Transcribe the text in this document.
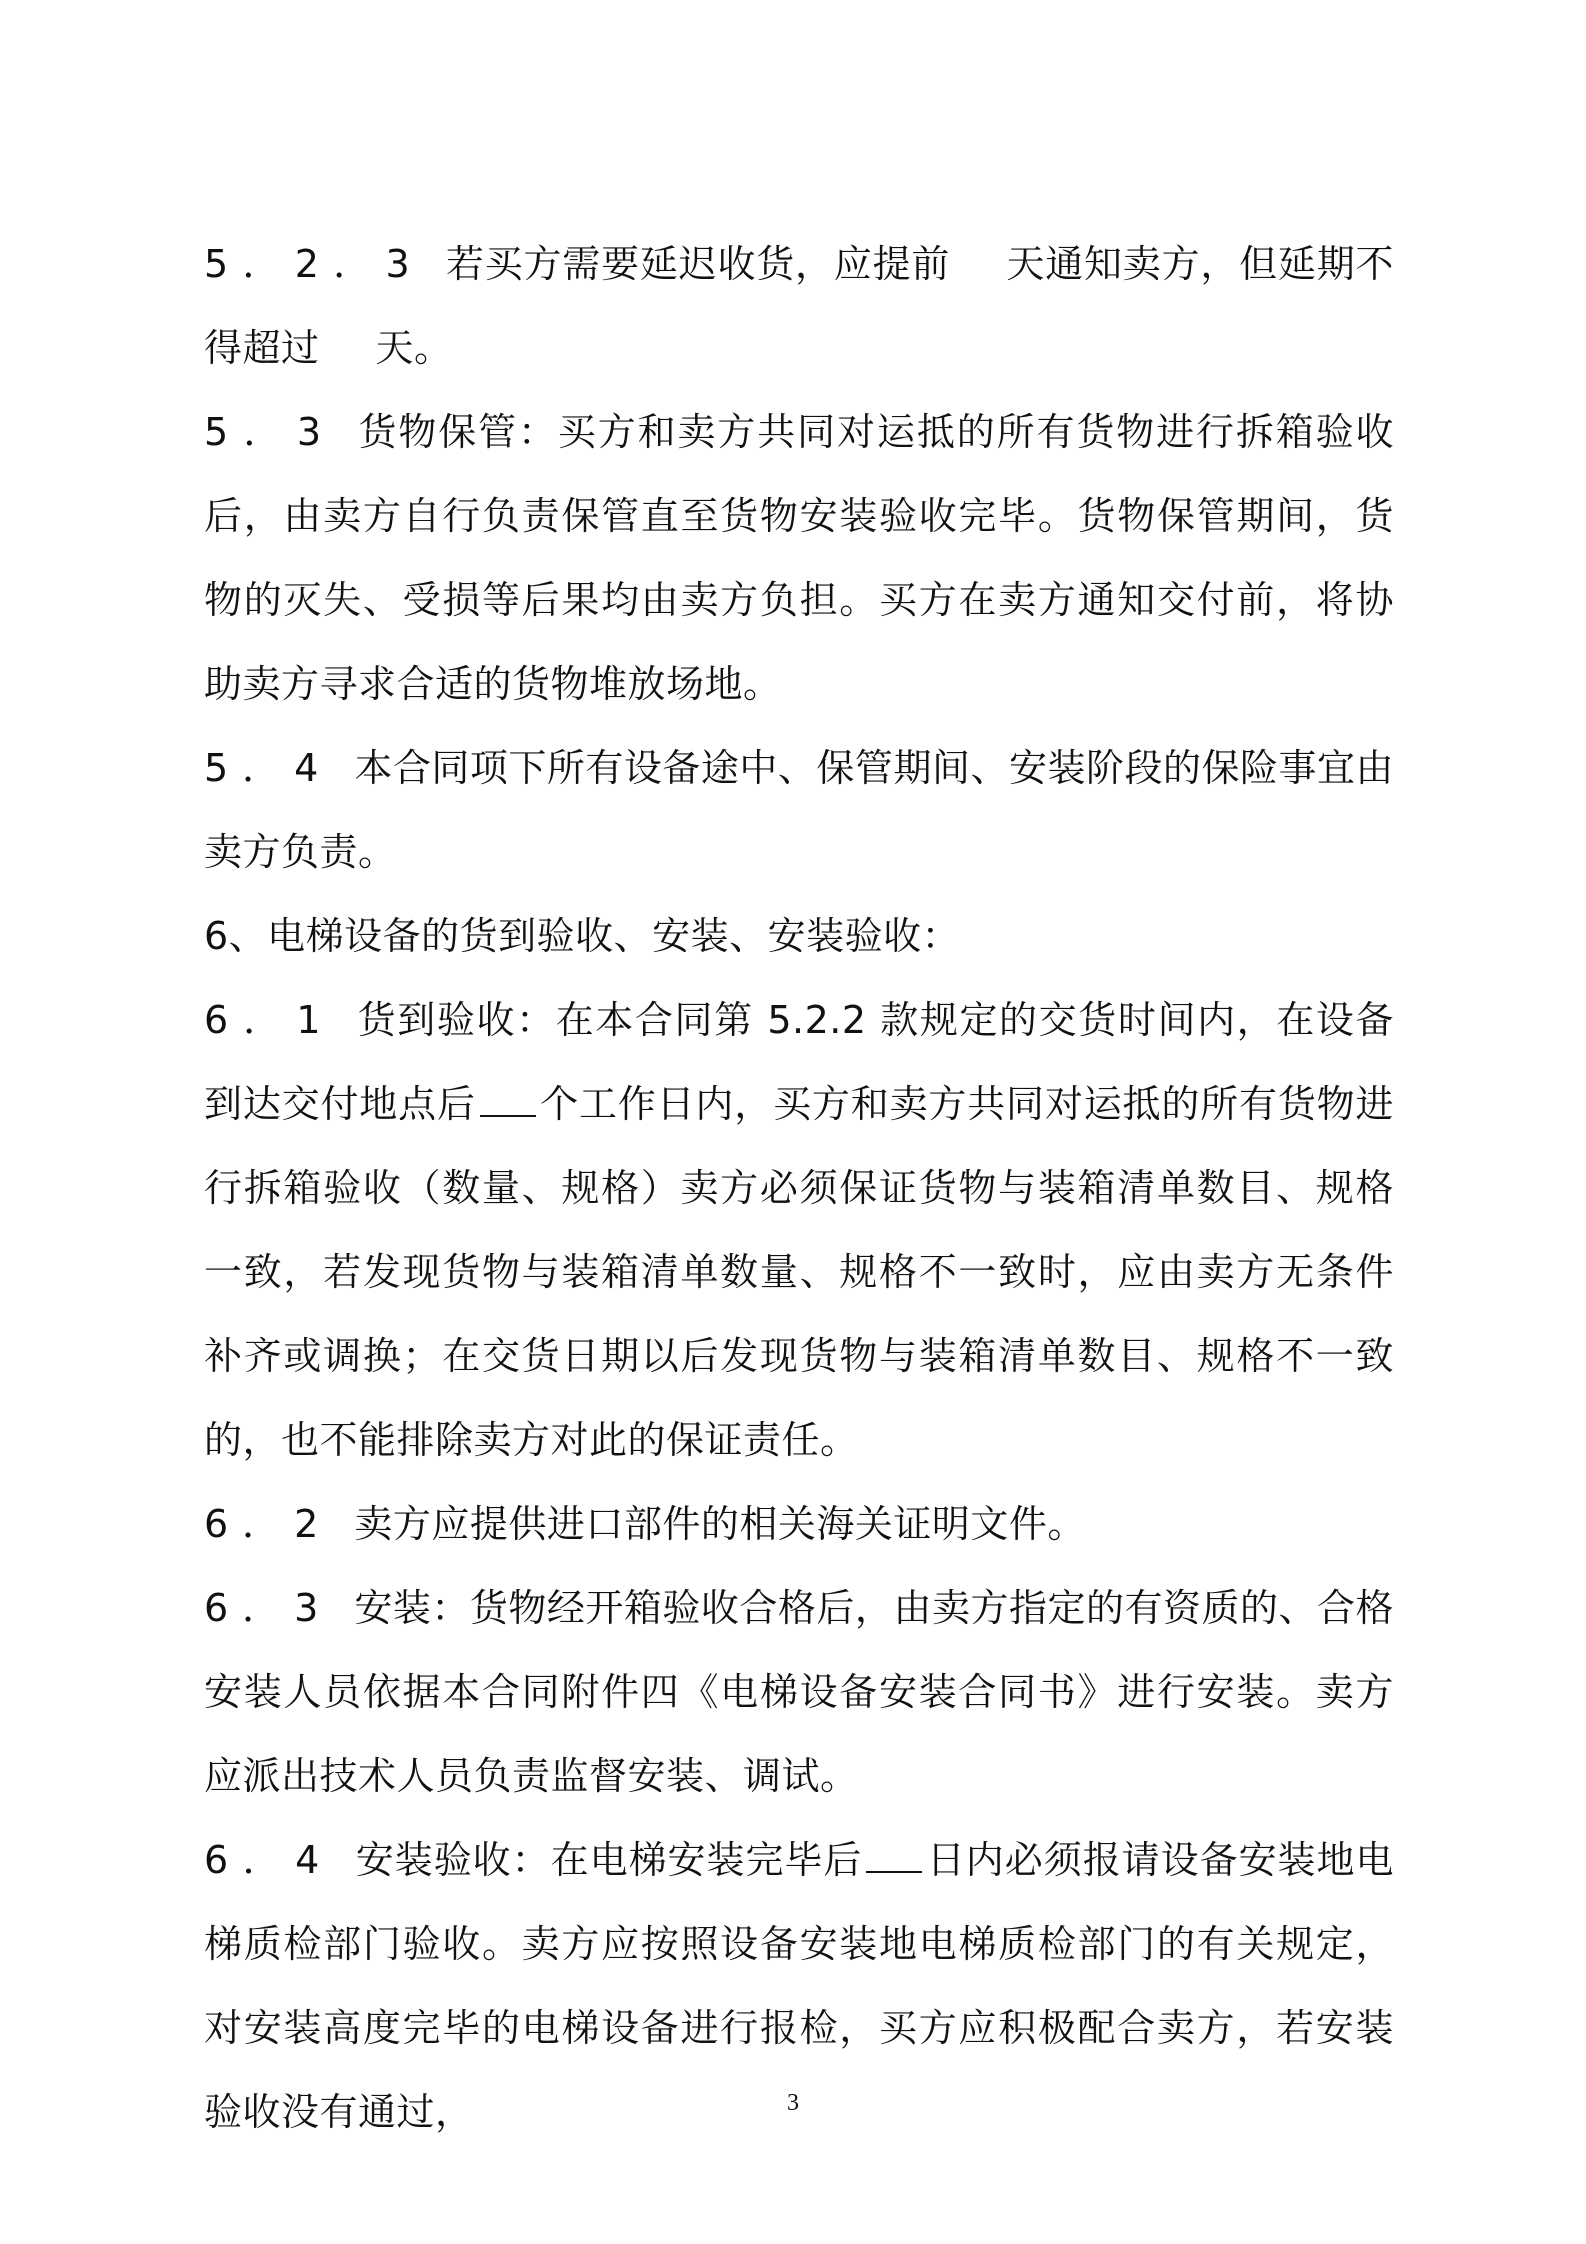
5．2．3 若买方需要延迟收货，应提前 天通知卖方，但延期不得超过 天。

5．3 货物保管：买方和卖方共同对运抵的所有货物进行拆箱验收后，由卖方自行负责保管直至货物安装验收完毕。货物保管期间，货物的灭失、受损等后果均由卖方负担。买方在卖方通知交付前，将协助卖方寻求合适的货物堆放场地。

5．4 本合同项下所有设备途中、保管期间、安装阶段的保险事宜由卖方负责。

6、电梯设备的货到验收、安装、安装验收：

6．1 货到验收：在本合同第 5.2.2 款规定的交货时间内，在设备到达交付地点后 个工作日内，买方和卖方共同对运抵的所有货物进行拆箱验收（数量、规格）卖方必须保证货物与装箱清单数目、规格一致，若发现货物与装箱清单数量、规格不一致时，应由卖方无条件补齐或调换；在交货日期以后发现货物与装箱清单数目、规格不一致的，也不能排除卖方对此的保证责任。

6．2 卖方应提供进口部件的相关海关证明文件。

6．3 安装：货物经开箱验收合格后，由卖方指定的有资质的、合格安装人员依据本合同附件四《电梯设备安装合同书》进行安装。卖方应派出技术人员负责监督安装、调试。

6．4 安装验收：在电梯安装完毕后 日内必须报请设备安装地电梯质检部门验收。卖方应按照设备安装地电梯质检部门的有关规定，对安装高度完毕的电梯设备进行报检，买方应积极配合卖方，若安装验收没有通过，	3
